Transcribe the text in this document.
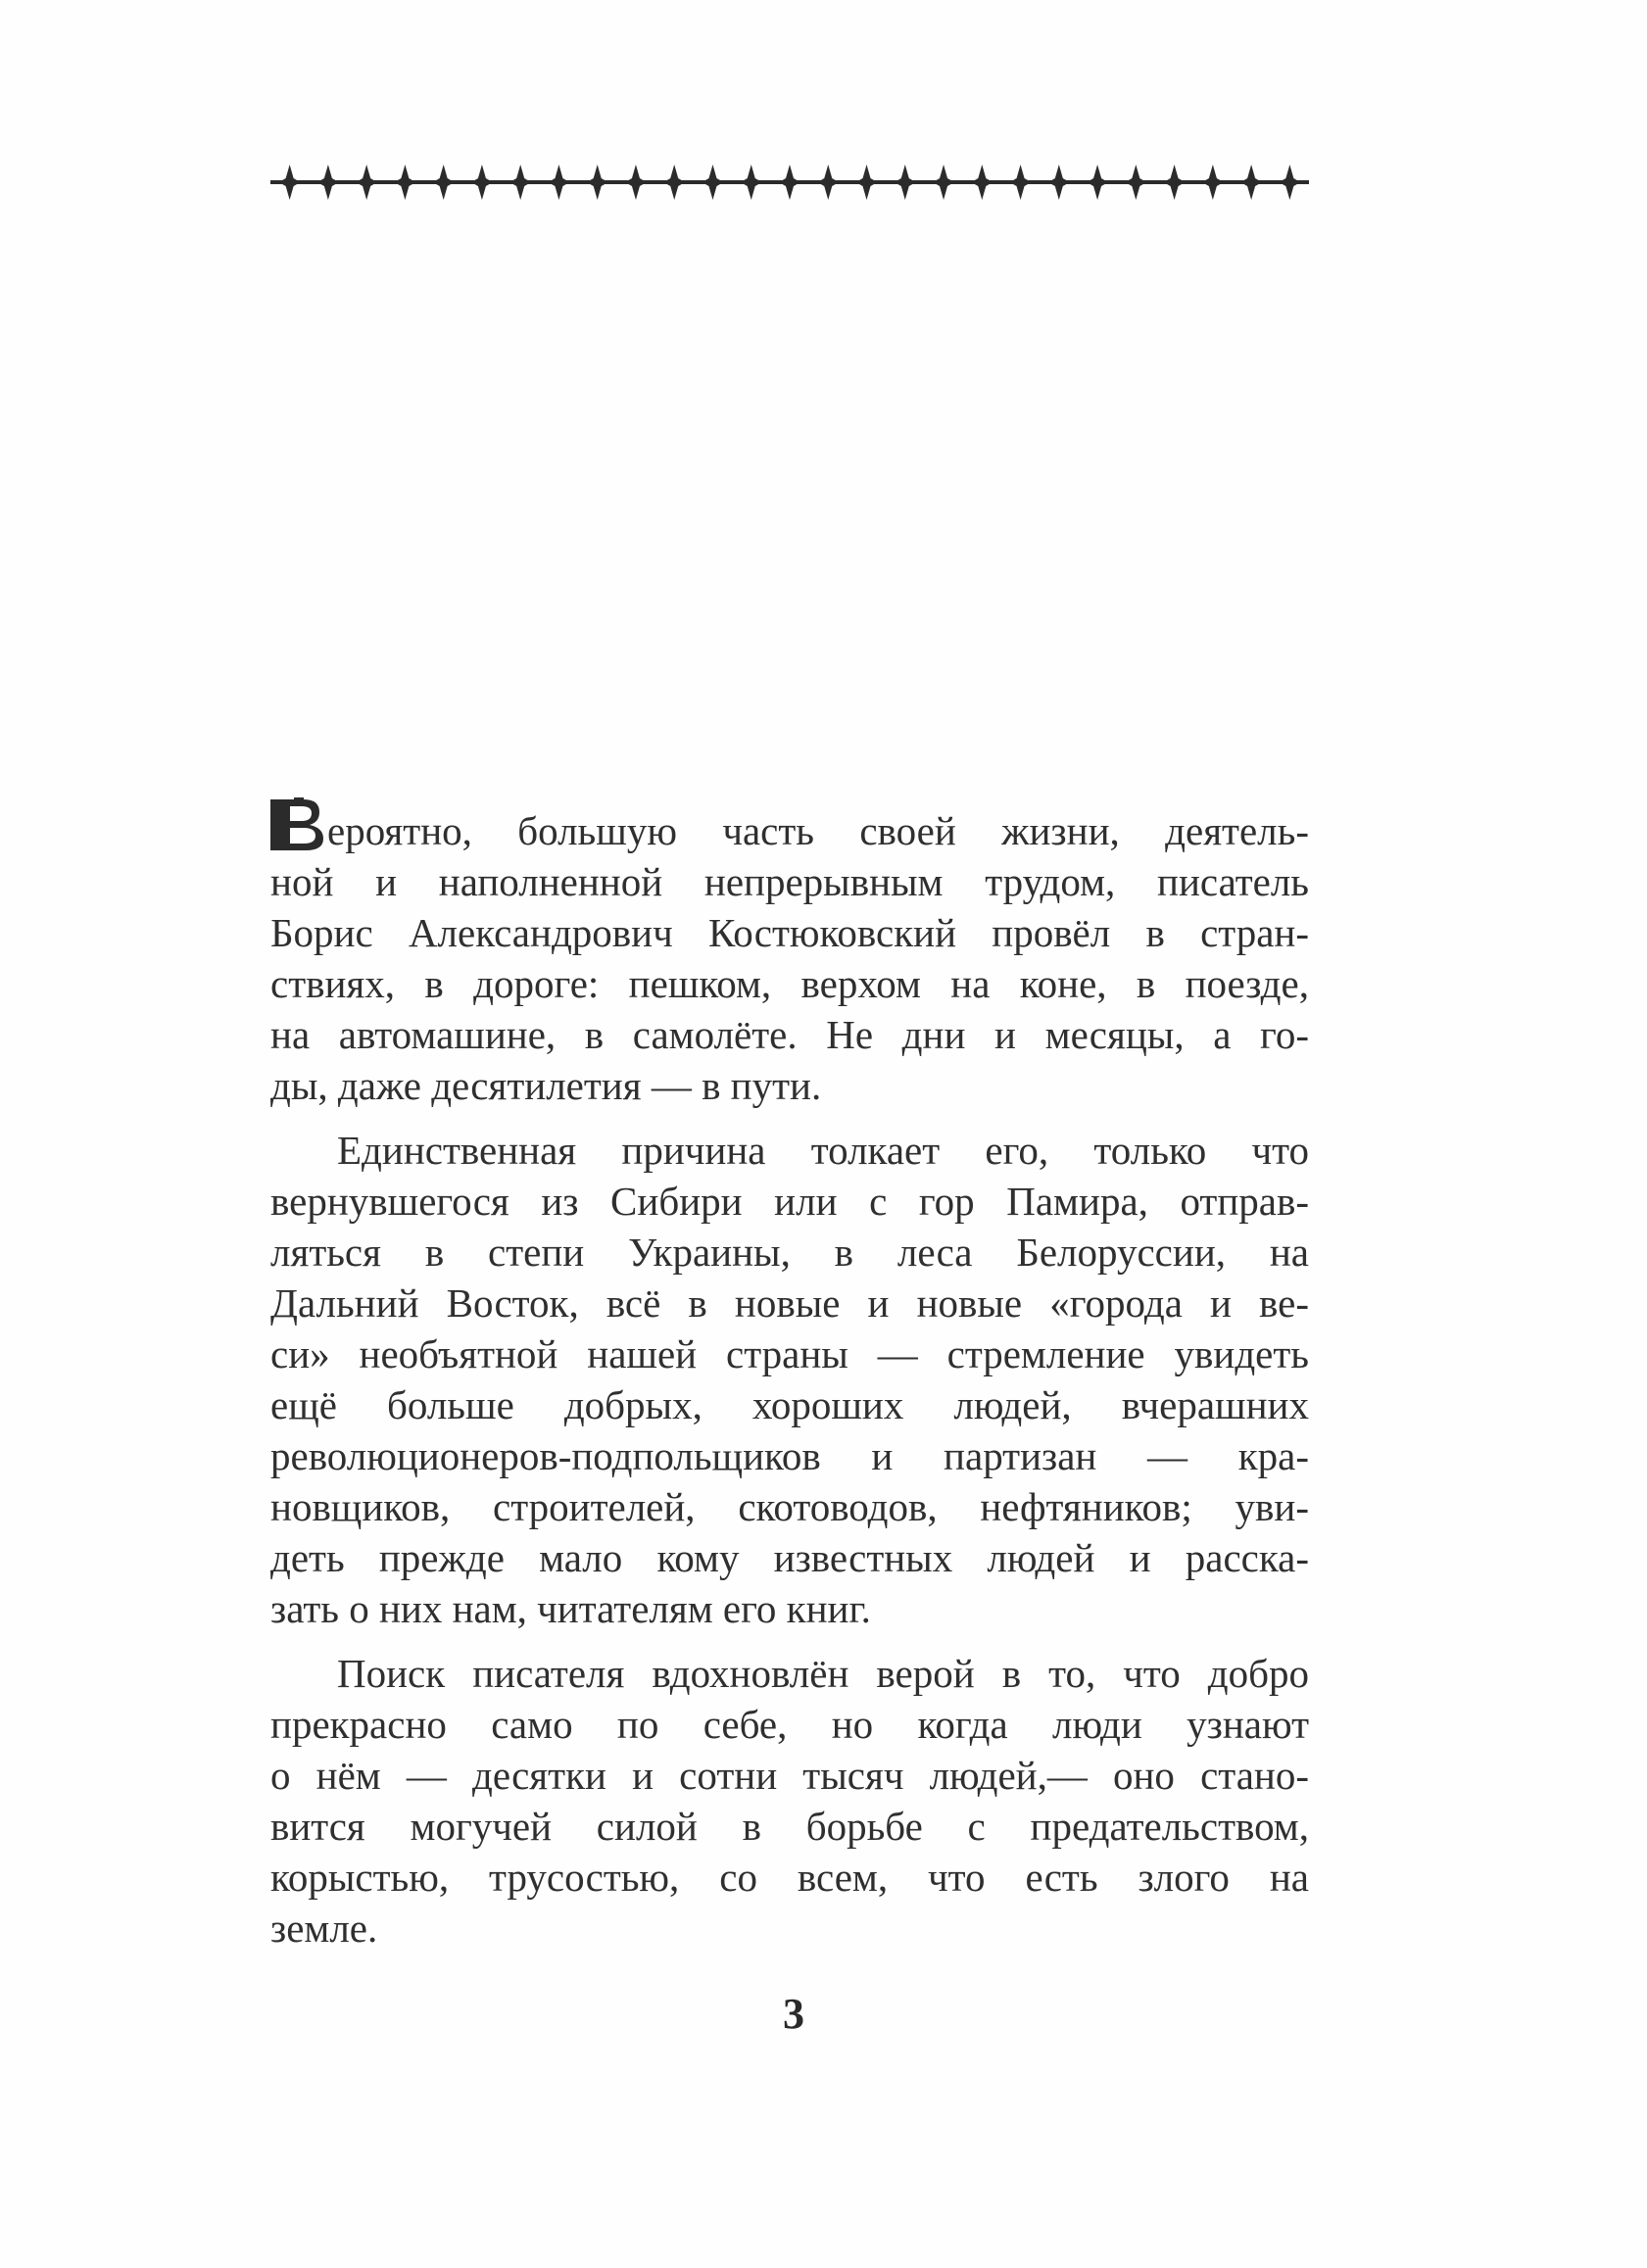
ероятно, большую часть своей жизни, деятель-
ной и наполненной непрерывным трудом, писатель
Борис Александрович Костюковский провёл в стран-
ствиях, в дороге: пешком, верхом на коне, в поезде,
на автомашине, в самолёте. Не дни и месяцы, а го-
ды, даже десятилетия — в пути.

Единственная причина толкает его, только что
вернувшегося из Сибири или с гор Памира, отправ-
ляться в степи Украины, в леса Белоруссии, на
Дальний Восток, всё в новые и новые «города и ве-
си» необъятной нашей страны — стремление увидеть
ещё больше добрых, хороших людей, вчерашних
революционеров-подпольщиков и партизан — кра-
новщиков, строителей, скотоводов, нефтяников; уви-
деть прежде мало кому известных людей и расска-
зать о них нам, читателям его книг.

Поиск писателя вдохновлён верой в то, что добро
прекрасно само по себе, но когда люди узнают
о нём — десятки и сотни тысяч людей,— оно стано-
вится могучей силой в борьбе с предательством,
корыстью, трусостью, со всем, что есть злого на
земле.

3
